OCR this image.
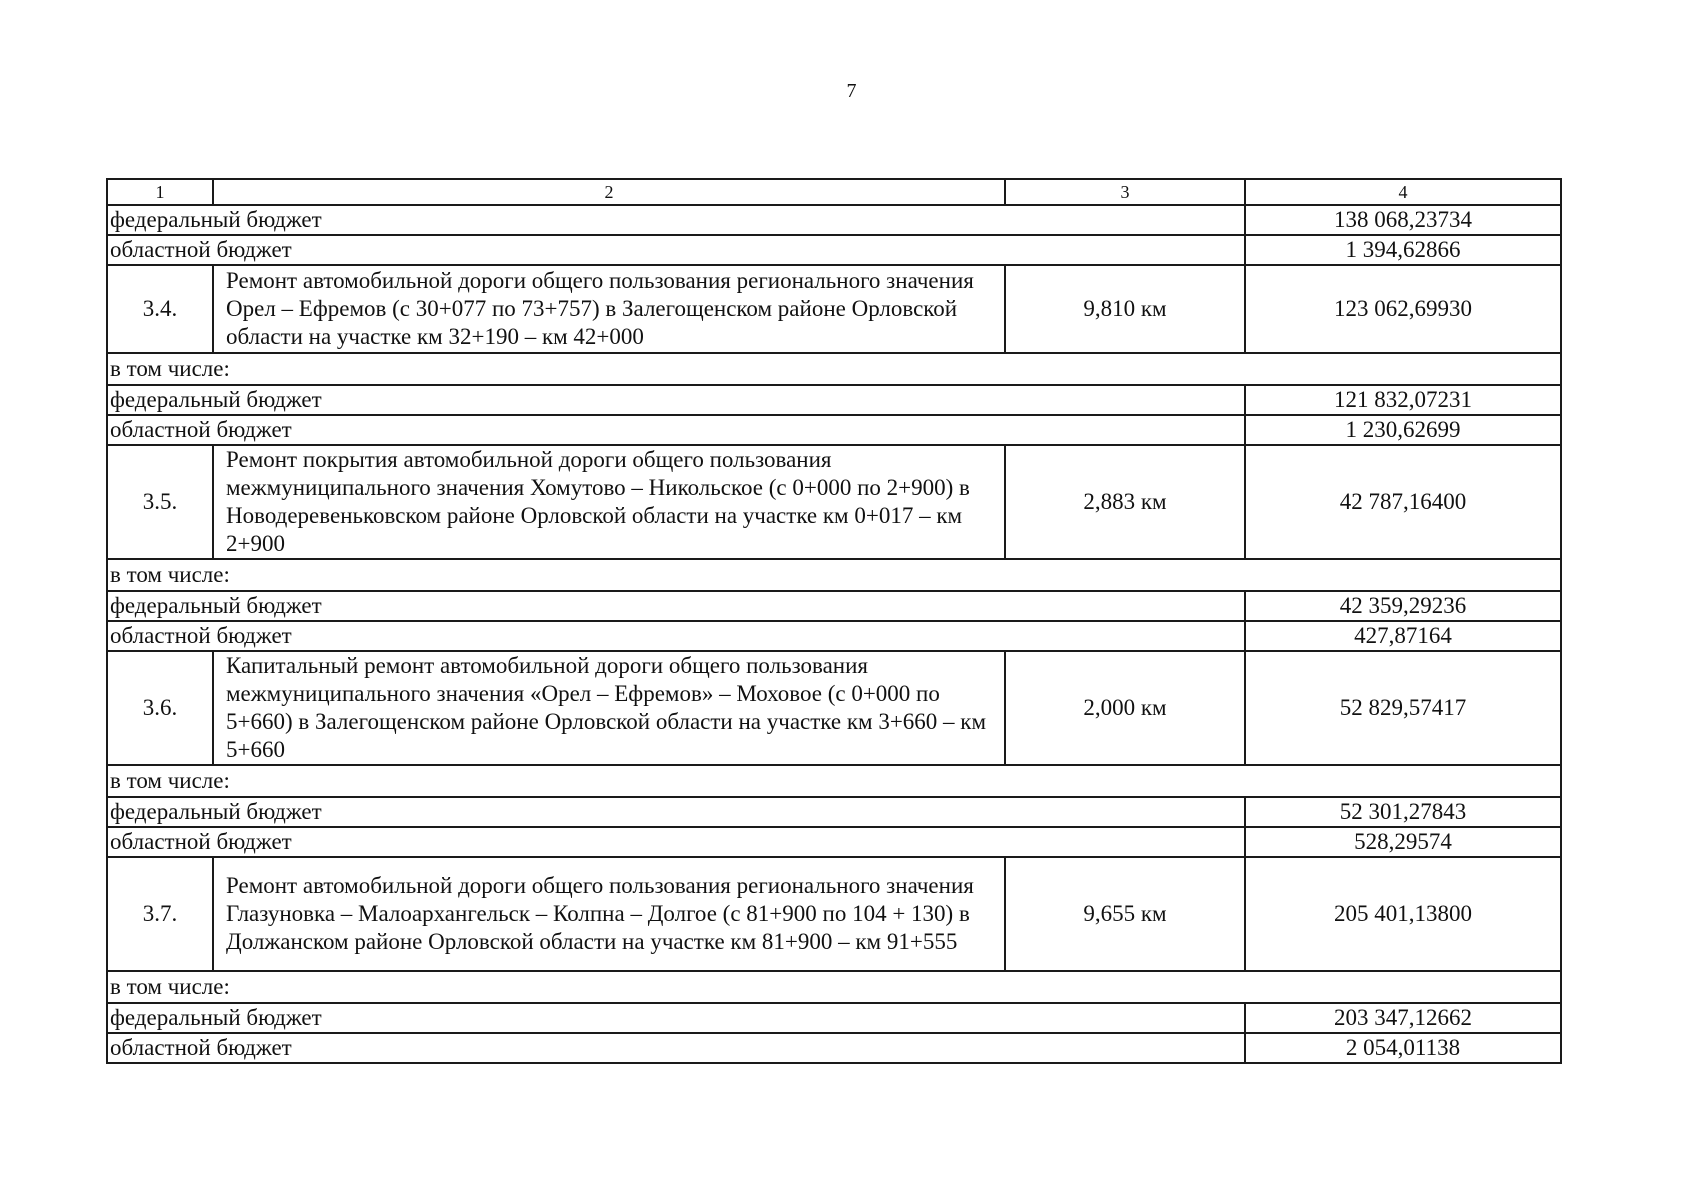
7
1	2	3	4
федеральный бюджет			138 068,23734
областной бюджет			1 394,62866
3.4.	Ремонт автомобильной дороги общего пользования регионального значения Орел – Ефремов (с 30+077 по 73+757) в Залегощенском районе Орловской области на участке км 32+190 – км 42+000	9,810 км	123 062,69930
в том числе:			
федеральный бюджет			121 832,07231
областной бюджет			1 230,62699
3.5.	Ремонт покрытия автомобильной дороги общего пользования межмуниципального значения Хомутово – Никольское (с 0+000 по 2+900) в Новодеревеньковском районе Орловской области на участке км 0+017 – км 2+900	2,883 км	42 787,16400
в том числе:			
федеральный бюджет			42 359,29236
областной бюджет			427,87164
3.6.	Капитальный ремонт автомобильной дороги общего пользования межмуниципального значения «Орел – Ефремов» – Моховое (с 0+000 по 5+660) в Залегощенском районе Орловской области на участке км 3+660 – км 5+660	2,000 км	52 829,57417
в том числе:			
федеральный бюджет			52 301,27843
областной бюджет			528,29574
3.7.	Ремонт автомобильной дороги общего пользования регионального значения Глазуновка – Малоархангельск – Колпна – Долгое (с 81+900 по 104 + 130) в Должанском районе Орловской области на участке км 81+900 – км 91+555	9,655 км	205 401,13800
в том числе:			
федеральный бюджет			203 347,12662
областной бюджет			2 054,01138
